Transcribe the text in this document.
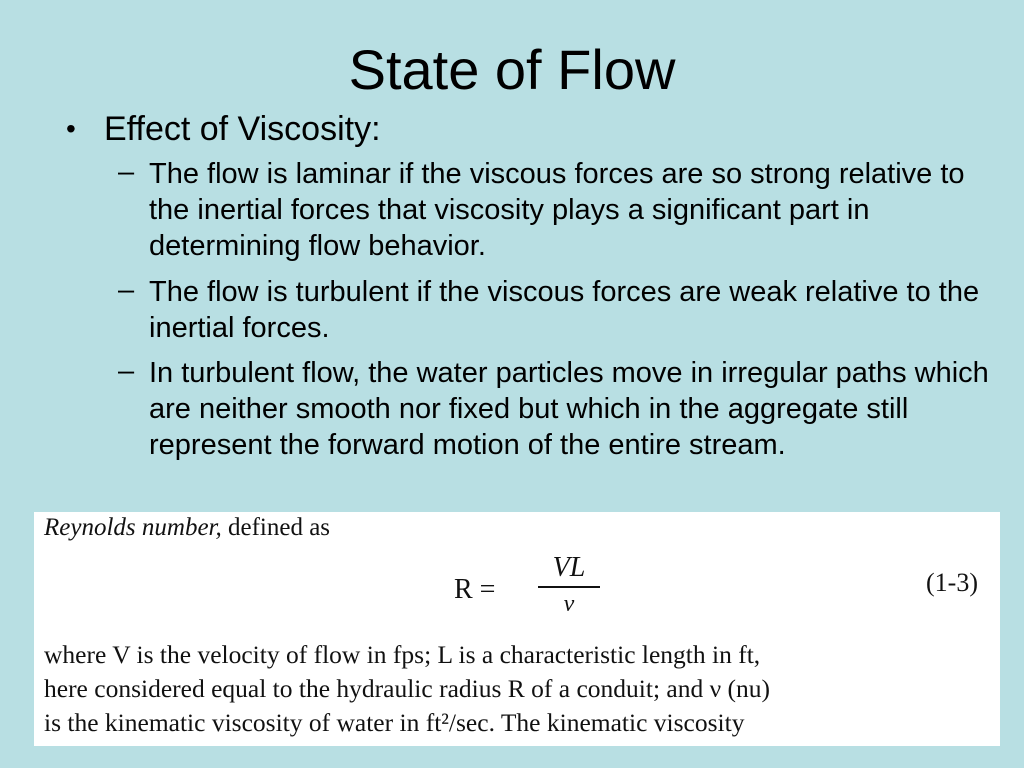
State of Flow
• Effect of Viscosity:
– The flow is laminar if the viscous forces are so strong relative to the inertial forces that viscosity plays a significant part in determining flow behavior.
– The flow is turbulent if the viscous forces are weak relative to the inertial forces.
– In turbulent flow, the water particles move in irregular paths which are neither smooth nor fixed but which in the aggregate still represent the forward motion of the entire stream.
Reynolds number, defined as
R =
VL
ν
(1-3)
where V is the velocity of flow in fps; L is a characteristic length in ft,
here considered equal to the hydraulic radius R of a conduit; and ν (nu)
is the kinematic viscosity of water in ft²/sec. The kinematic viscosity
